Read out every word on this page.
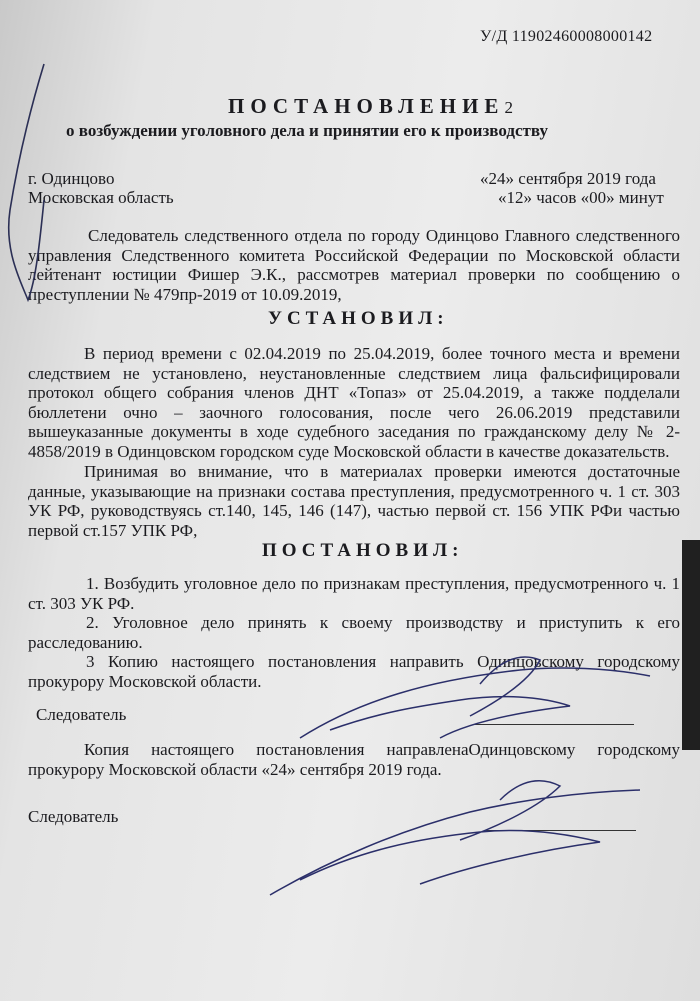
У/Д 11902460008000142
ПОСТАНОВЛЕНИЕ2
о возбуждении уголовного дела и принятии его к производству
г. Одинцово
Московская область
«24» сентября 2019 года
«12» часов «00» минут
Следователь следственного отдела по городу Одинцово Главного следственного управления Следственного комитета Российской Федерации по Московской области лейтенант юстиции Фишер Э.К., рассмотрев материал проверки по сообщению о преступлении № 479пр-2019 от 10.09.2019,
УСТАНОВИЛ:
В период времени с 02.04.2019 по 25.04.2019, более точного места и времени следствием не установлено, неустановленные следствием лица фальсифицировали протокол общего собрания членов ДНТ «Топаз» от 25.04.2019, а также подделали бюллетени очно – заочного голосования, после чего 26.06.2019 представили вышеуказанные документы в ходе судебного заседания по гражданскому делу № 2-4858/2019 в Одинцовском городском суде Московской области в качестве доказательств.
Принимая во внимание, что в материалах проверки имеются достаточные данные, указывающие на признаки состава преступления, предусмотренного ч. 1 ст. 303 УК РФ, руководствуясь ст.140, 145, 146 (147), частью первой ст. 156 УПК РФи частью первой ст.157 УПК РФ,
ПОСТАНОВИЛ:
1. Возбудить уголовное дело по признакам преступления, предусмотренного ч. 1 ст. 303 УК РФ.
2. Уголовное дело принять к своему производству и приступить к его расследованию.
3 Копию настоящего постановления направить Одинцовскому городскому прокурору Московской области.
Следователь
Копия настоящего постановления направленаОдинцовскому городскому прокурору Московской области «24» сентября 2019 года.
Следователь
